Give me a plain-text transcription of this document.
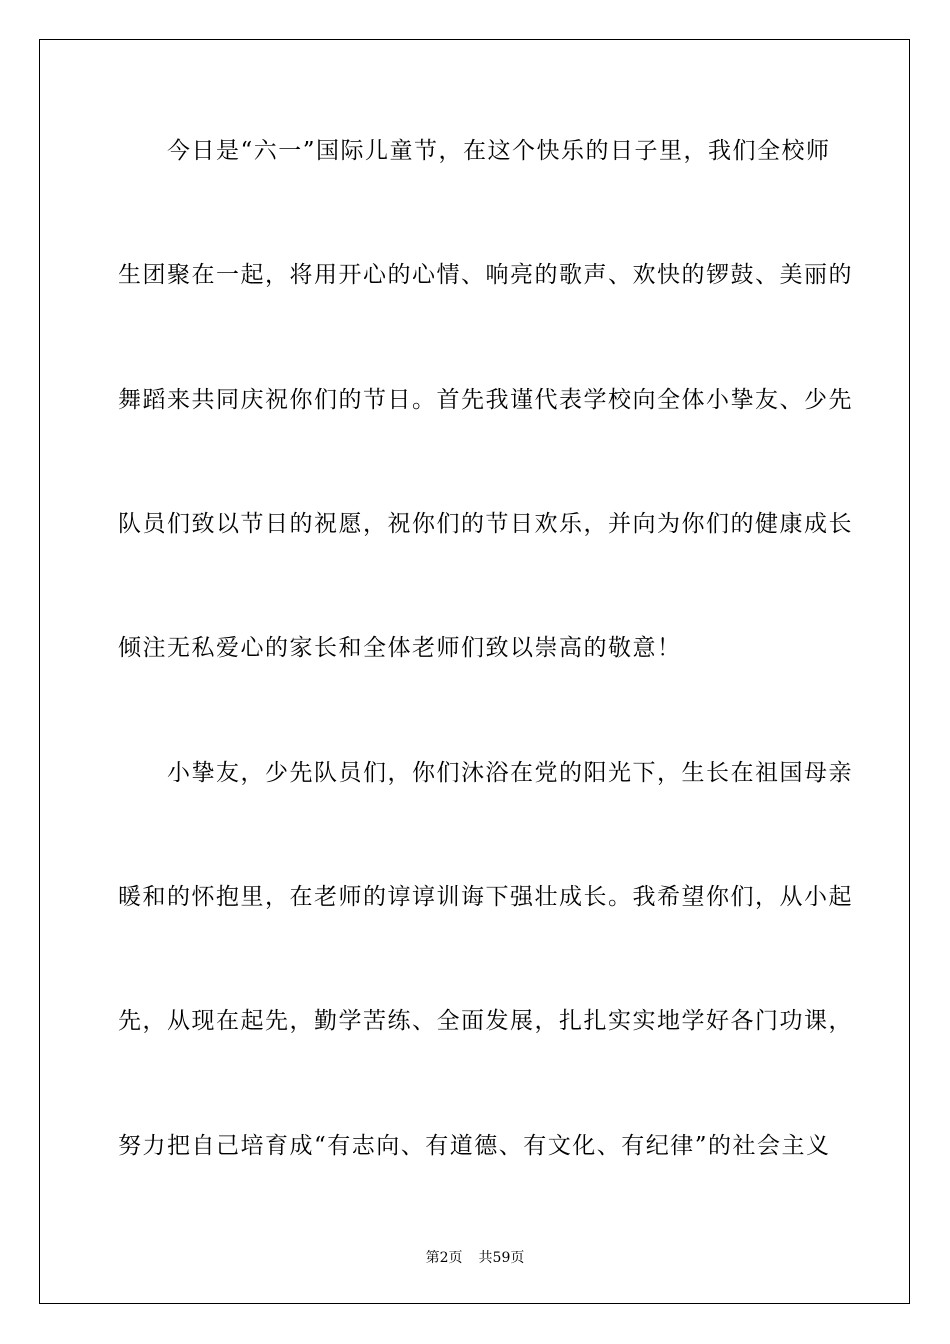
　　今日是“六一”国际儿童节，在这个快乐的日子里，我们全校师
生团聚在一起，将用开心的心情、响亮的歌声、欢快的锣鼓、美丽的
舞蹈来共同庆祝你们的节日。首先我谨代表学校向全体小挚友、少先
队员们致以节日的祝愿，祝你们的节日欢乐，并向为你们的健康成长
倾注无私爱心的家长和全体老师们致以崇高的敬意！
　　小挚友，少先队员们，你们沐浴在党的阳光下，生长在祖国母亲
暖和的怀抱里，在老师的谆谆训诲下强壮成长。我希望你们，从小起
先，从现在起先，勤学苦练、全面发展，扎扎实实地学好各门功课，
努力把自己培育成“有志向、有道德、有文化、有纪律”的社会主义
第2页 共59页
